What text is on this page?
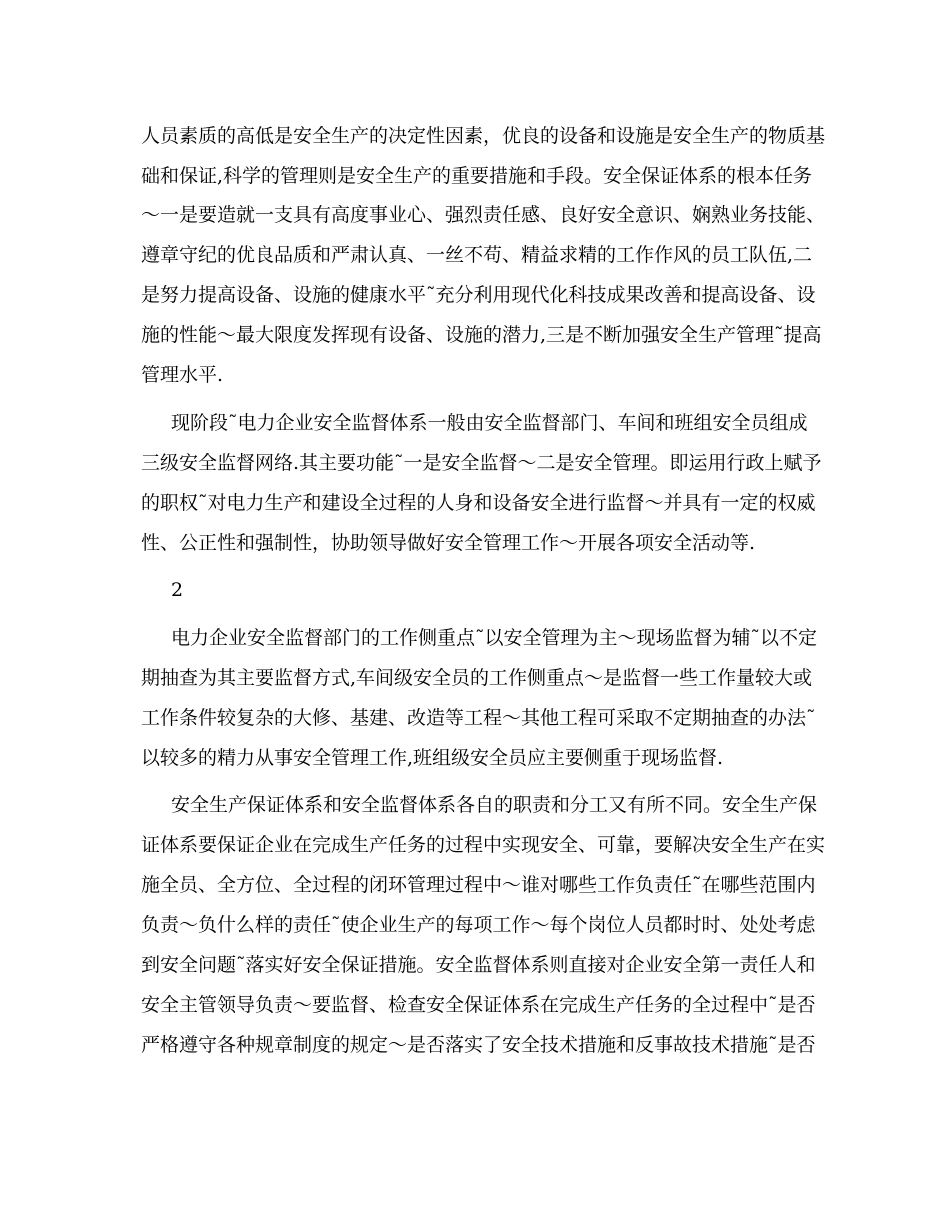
人员素质的高低是安全生产的决定性因素，优良的设备和设施是安全生产的物质基
础和保证,科学的管理则是安全生产的重要措施和手段。安全保证体系的根本任务
～一是要造就一支具有高度事业心、强烈责任感、良好安全意识、娴熟业务技能、
遵章守纪的优良品质和严肃认真、一丝不苟、精益求精的工作作风的员工队伍,二
是努力提高设备、设施的健康水平˜充分利用现代化科技成果改善和提高设备、设
施的性能～最大限度发挥现有设备、设施的潜力,三是不断加强安全生产管理˜提高
管理水平.
现阶段˜电力企业安全监督体系一般由安全监督部门、车间和班组安全员组成
三级安全监督网络.其主要功能˜一是安全监督～二是安全管理。即运用行政上赋予
的职权˜对电力生产和建设全过程的人身和设备安全进行监督～并具有一定的权威
性、公正性和强制性，协助领导做好安全管理工作～开展各项安全活动等.
2
电力企业安全监督部门的工作侧重点˜以安全管理为主～现场监督为辅˜以不定
期抽查为其主要监督方式,车间级安全员的工作侧重点～是监督一些工作量较大或
工作条件较复杂的大修、基建、改造等工程～其他工程可采取不定期抽查的办法˜
以较多的精力从事安全管理工作,班组级安全员应主要侧重于现场监督.
安全生产保证体系和安全监督体系各自的职责和分工又有所不同。安全生产保
证体系要保证企业在完成生产任务的过程中实现安全、可靠，要解决安全生产在实
施全员、全方位、全过程的闭环管理过程中～谁对哪些工作负责任˜在哪些范围内
负责～负什么样的责任˜使企业生产的每项工作～每个岗位人员都时时、处处考虑
到安全问题˜落实好安全保证措施。安全监督体系则直接对企业安全第一责任人和
安全主管领导负责～要监督、检查安全保证体系在完成生产任务的全过程中˜是否
严格遵守各种规章制度的规定～是否落实了安全技术措施和反事故技术措施˜是否
